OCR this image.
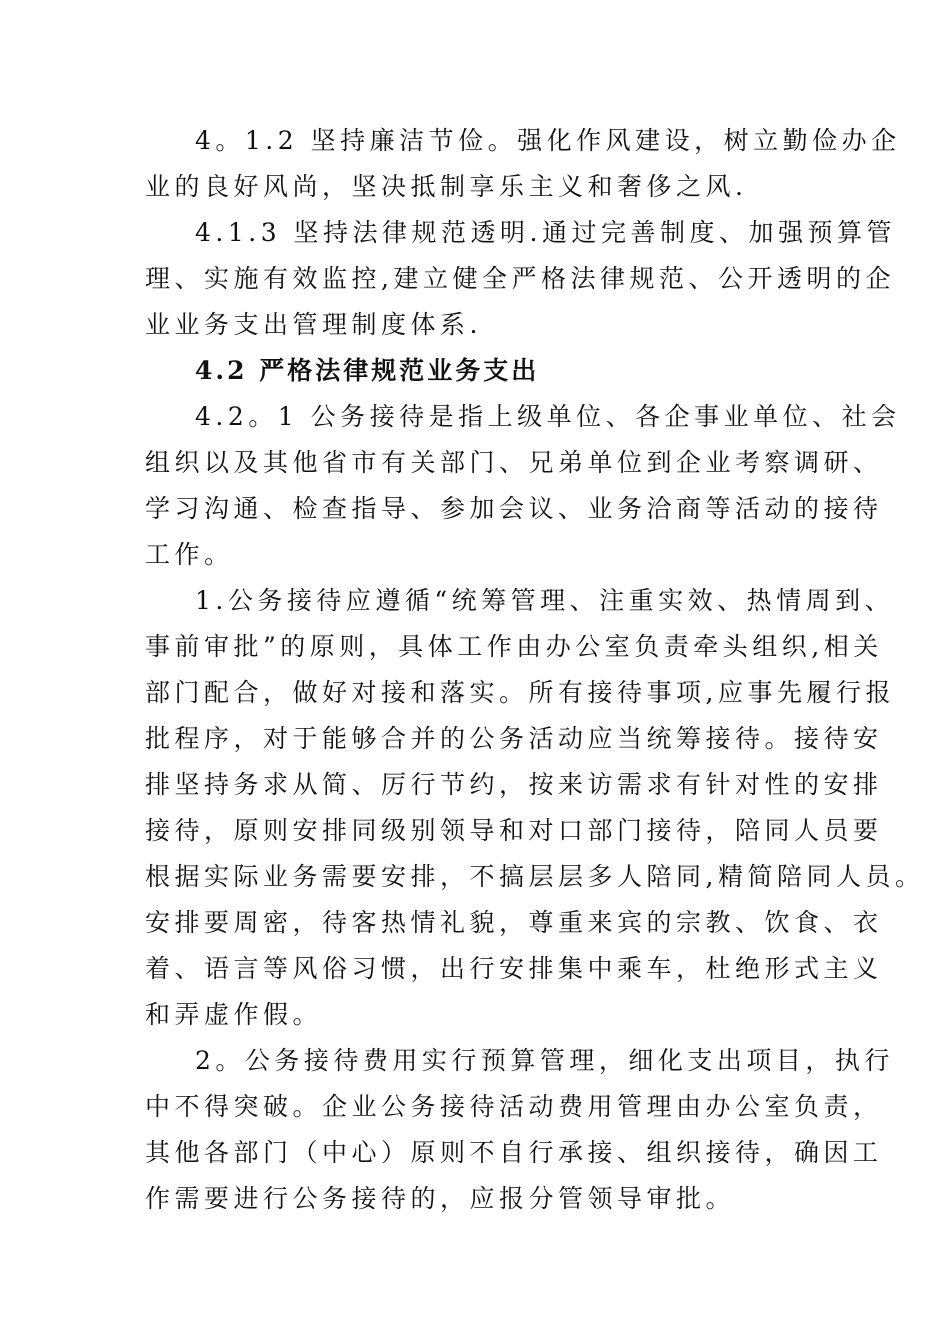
4。1.2 坚持廉洁节俭。强化作风建设，树立勤俭办企
业的良好风尚，坚决抵制享乐主义和奢侈之风.
4.1.3 坚持法律规范透明.通过完善制度、加强预算管
理、实施有效监控,建立健全严格法律规范、公开透明的企
业业务支出管理制度体系.
4.2 严格法律规范业务支出
4.2。1 公务接待是指上级单位、各企事业单位、社会
组织以及其他省市有关部门、兄弟单位到企业考察调研、
学习沟通、检查指导、参加会议、业务洽商等活动的接待
工作。
1.公务接待应遵循“统筹管理、注重实效、热情周到、
事前审批”的原则，具体工作由办公室负责牵头组织,相关
部门配合，做好对接和落实。所有接待事项,应事先履行报
批程序，对于能够合并的公务活动应当统筹接待。接待安
排坚持务求从简、厉行节约，按来访需求有针对性的安排
接待，原则安排同级别领导和对口部门接待，陪同人员要
根据实际业务需要安排，不搞层层多人陪同,精简陪同人员。
安排要周密，待客热情礼貌，尊重来宾的宗教、饮食、衣
着、语言等风俗习惯，出行安排集中乘车，杜绝形式主义
和弄虚作假。
2。公务接待费用实行预算管理，细化支出项目，执行
中不得突破。企业公务接待活动费用管理由办公室负责，
其他各部门（中心）原则不自行承接、组织接待，确因工
作需要进行公务接待的，应报分管领导审批。
